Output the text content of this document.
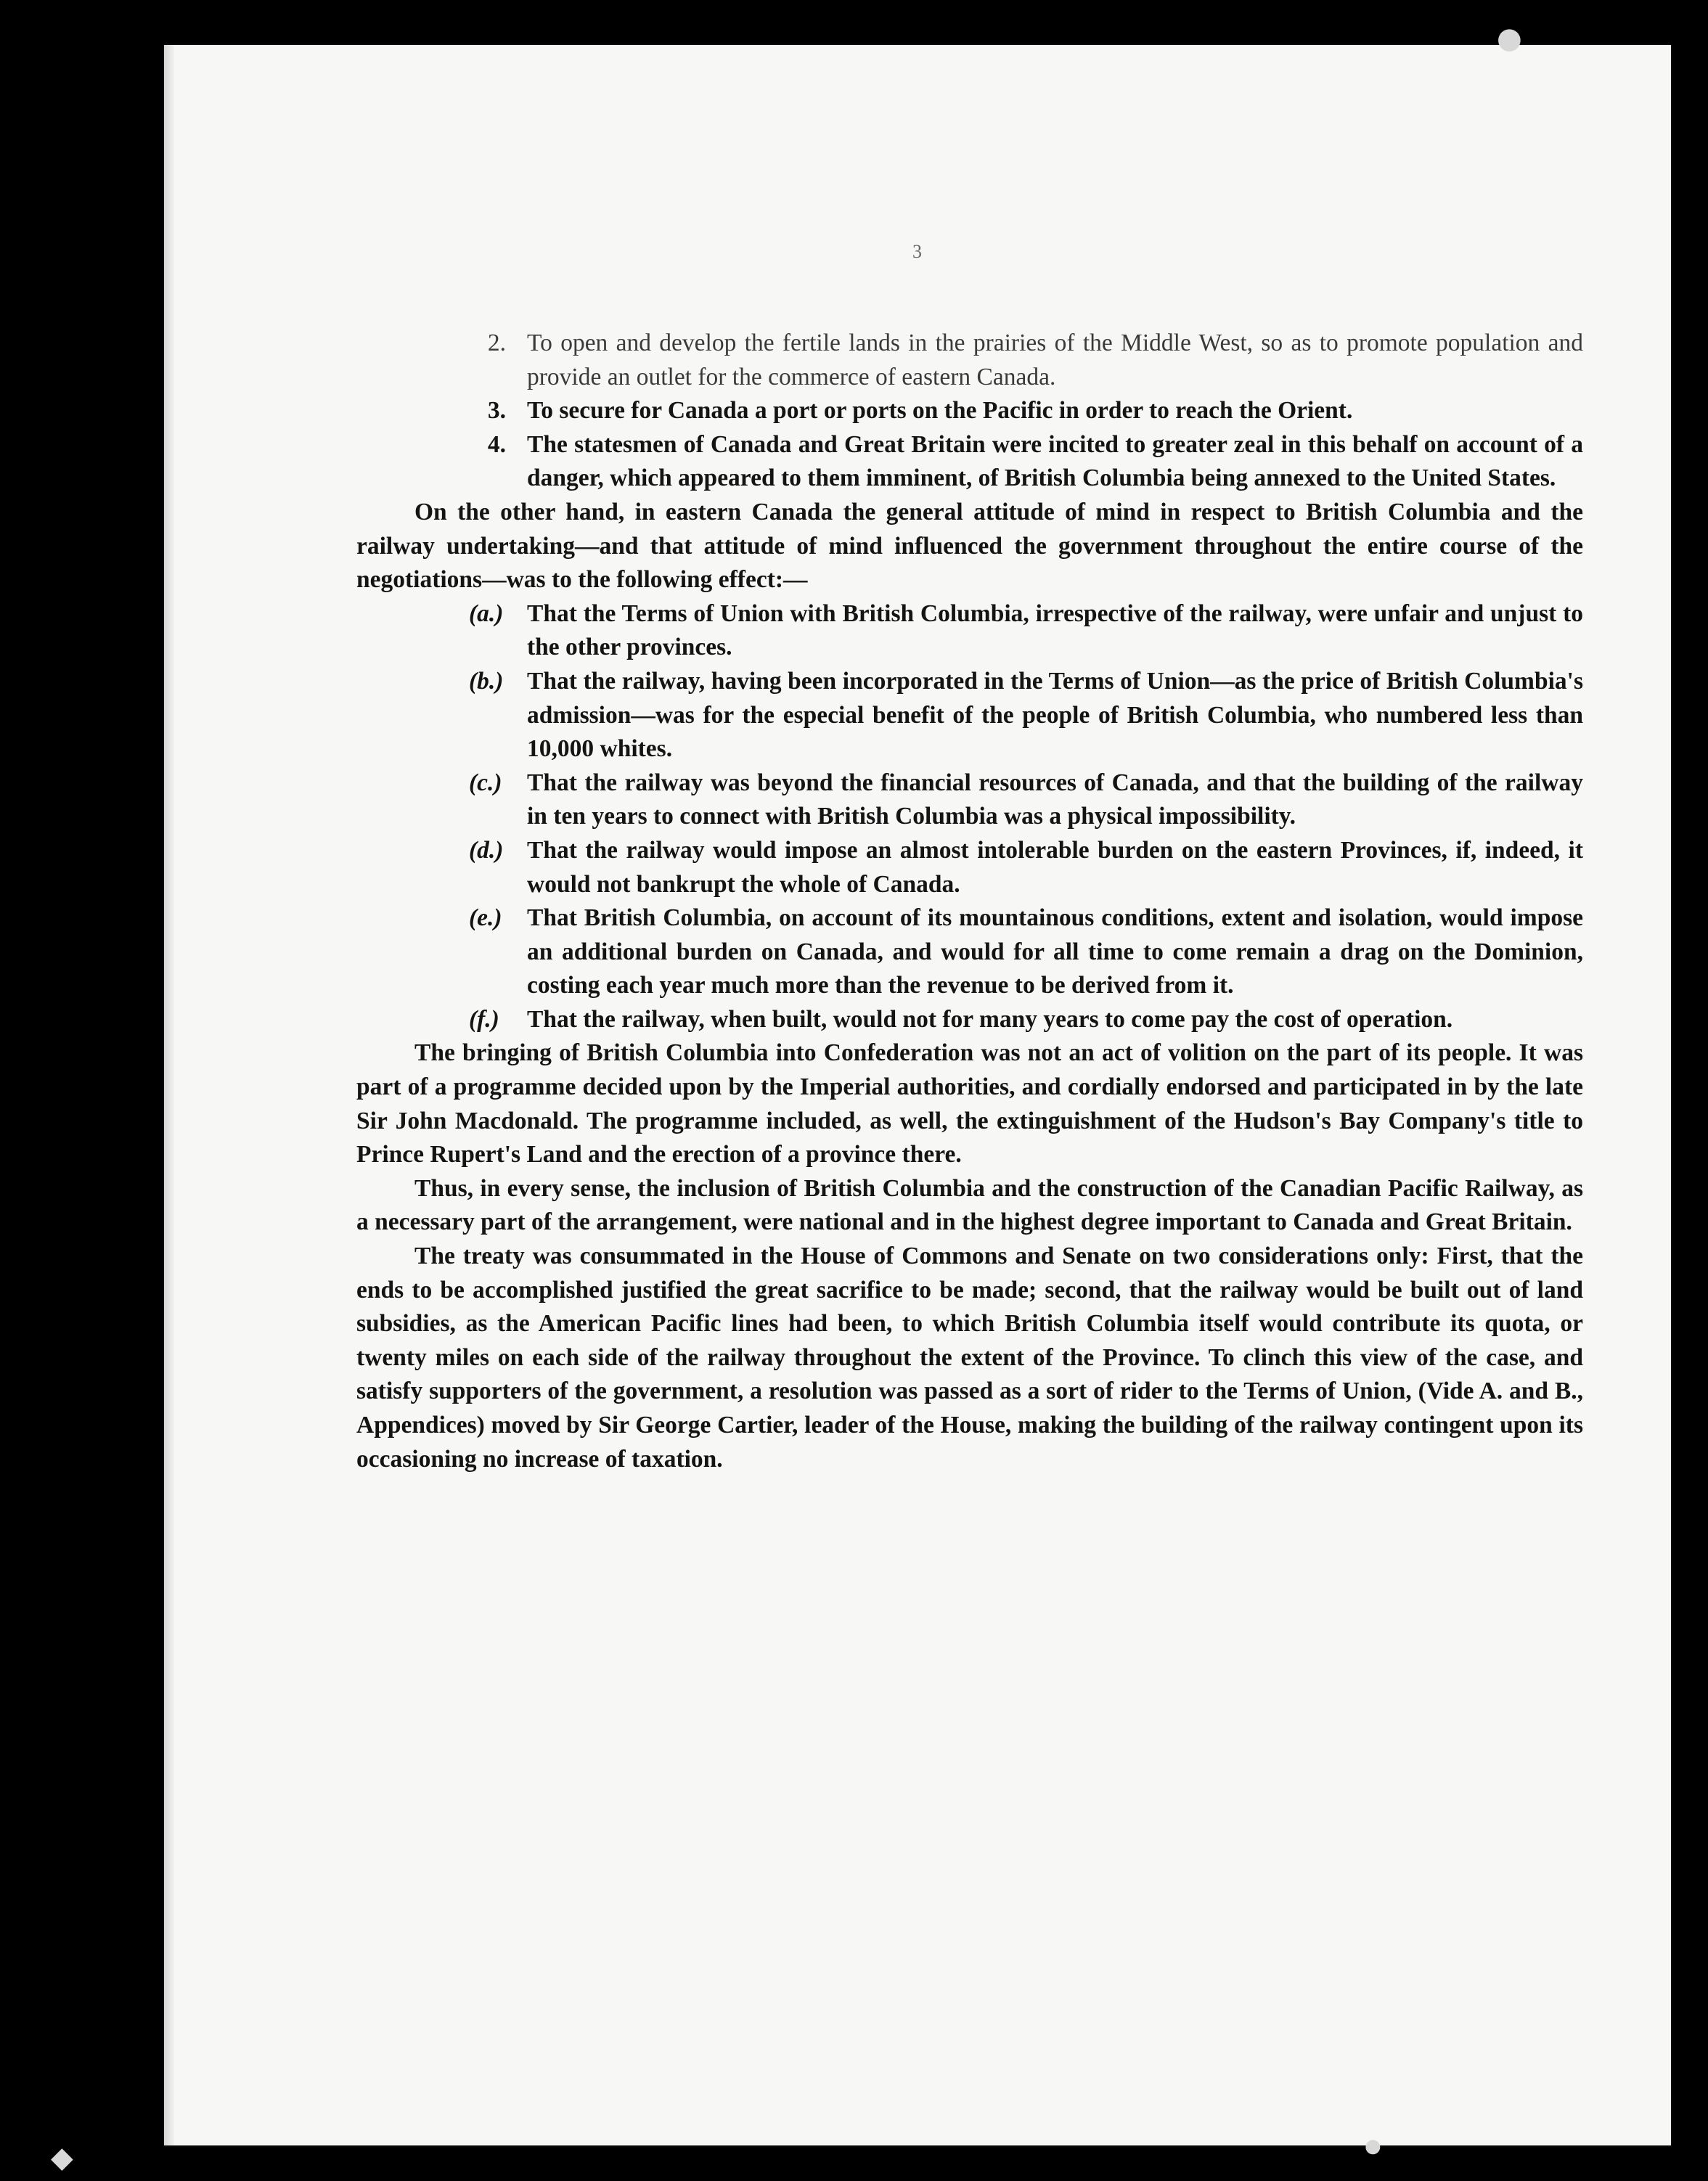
3

2. To open and develop the fertile lands in the prairies of the Middle West, so as to promote population and provide an outlet for the commerce of eastern Canada.

3. To secure for Canada a port or ports on the Pacific in order to reach the Orient.

4. The statesmen of Canada and Great Britain were incited to greater zeal in this behalf on account of a danger, which appeared to them imminent, of British Columbia being annexed to the United States.

On the other hand, in eastern Canada the general attitude of mind in respect to British Columbia and the railway undertaking—and that attitude of mind influenced the government throughout the entire course of the negotiations—was to the following effect:—

(a.) That the Terms of Union with British Columbia, irrespective of the railway, were unfair and unjust to the other provinces.

(b.) That the railway, having been incorporated in the Terms of Union—as the price of British Columbia's admission—was for the especial benefit of the people of British Columbia, who numbered less than 10,000 whites.

(c.) That the railway was beyond the financial resources of Canada, and that the building of the railway in ten years to connect with British Columbia was a physical impossibility.

(d.) That the railway would impose an almost intolerable burden on the eastern Provinces, if, indeed, it would not bankrupt the whole of Canada.

(e.) That British Columbia, on account of its mountainous conditions, extent and isolation, would impose an additional burden on Canada, and would for all time to come remain a drag on the Dominion, costing each year much more than the revenue to be derived from it.

(f.) That the railway, when built, would not for many years to come pay the cost of operation.

The bringing of British Columbia into Confederation was not an act of volition on the part of its people. It was part of a programme decided upon by the Imperial authorities, and cordially endorsed and participated in by the late Sir John Macdonald. The programme included, as well, the extinguishment of the Hudson's Bay Company's title to Prince Rupert's Land and the erection of a province there.

Thus, in every sense, the inclusion of British Columbia and the construction of the Canadian Pacific Railway, as a necessary part of the arrangement, were national and in the highest degree important to Canada and Great Britain.

The treaty was consummated in the House of Commons and Senate on two considerations only: First, that the ends to be accomplished justified the great sacrifice to be made; second, that the railway would be built out of land subsidies, as the American Pacific lines had been, to which British Columbia itself would contribute its quota, or twenty miles on each side of the railway throughout the extent of the Province. To clinch this view of the case, and satisfy supporters of the government, a resolution was passed as a sort of rider to the Terms of Union, (Vide A. and B., Appendices) moved by Sir George Cartier, leader of the House, making the building of the railway contingent upon its occasioning no increase of taxation.

●
◆	●
